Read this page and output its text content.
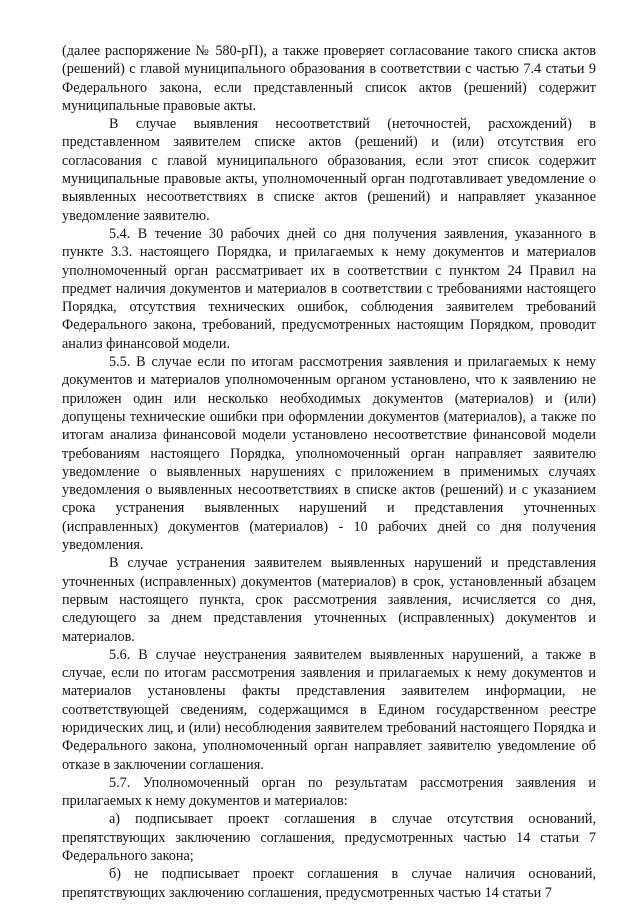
(далее распоряжение № 580-рП), а также проверяет согласование такого списка актов (решений) с главой муниципального образования в соответствии с частью 7.4 статьи 9 Федерального закона, если представленный список актов (решений) содержит муниципальные правовые акты.

В случае выявления несоответствий (неточностей, расхождений) в представленном заявителем списке актов (решений) и (или) отсутствия его согласования с главой муниципального образования, если этот список содержит муниципальные правовые акты, уполномоченный орган подготавливает уведомление о выявленных несоответствиях в списке актов (решений) и направляет указанное уведомление заявителю.

5.4. В течение 30 рабочих дней со дня получения заявления, указанного в пункте 3.3. настоящего Порядка, и прилагаемых к нему документов и материалов уполномоченный орган рассматривает их в соответствии с пунктом 24 Правил на предмет наличия документов и материалов в соответствии с требованиями настоящего Порядка, отсутствия технических ошибок, соблюдения заявителем требований Федерального закона, требований, предусмотренных настоящим Порядком, проводит анализ финансовой модели.

5.5. В случае если по итогам рассмотрения заявления и прилагаемых к нему документов и материалов уполномоченным органом установлено, что к заявлению не приложен один или несколько необходимых документов (материалов) и (или) допущены технические ошибки при оформлении документов (материалов), а также по итогам анализа финансовой модели установлено несоответствие финансовой модели требованиям настоящего Порядка, уполномоченный орган направляет заявителю уведомление о выявленных нарушениях с приложением в применимых случаях уведомления о выявленных несоответствиях в списке актов (решений) и с указанием срока устранения выявленных нарушений и представления уточненных (исправленных) документов (материалов) - 10 рабочих дней со дня получения уведомления.

В случае устранения заявителем выявленных нарушений и представления уточненных (исправленных) документов (материалов) в срок, установленный абзацем первым настоящего пункта, срок рассмотрения заявления, исчисляется со дня, следующего за днем представления уточненных (исправленных) документов и материалов.

5.6. В случае неустранения заявителем выявленных нарушений, а также в случае, если по итогам рассмотрения заявления и прилагаемых к нему документов и материалов установлены факты представления заявителем информации, не соответствующей сведениям, содержащимся в Едином государственном реестре юридических лиц, и (или) несоблюдения заявителем требований настоящего Порядка и Федерального закона, уполномоченный орган направляет заявителю уведомление об отказе в заключении соглашения.

5.7. Уполномоченный орган по результатам рассмотрения заявления и прилагаемых к нему документов и материалов:

а) подписывает проект соглашения в случае отсутствия оснований, препятствующих заключению соглашения, предусмотренных частью 14 статьи 7 Федерального закона;

б) не подписывает проект соглашения в случае наличия оснований, препятствующих заключению соглашения, предусмотренных частью 14 статьи 7
